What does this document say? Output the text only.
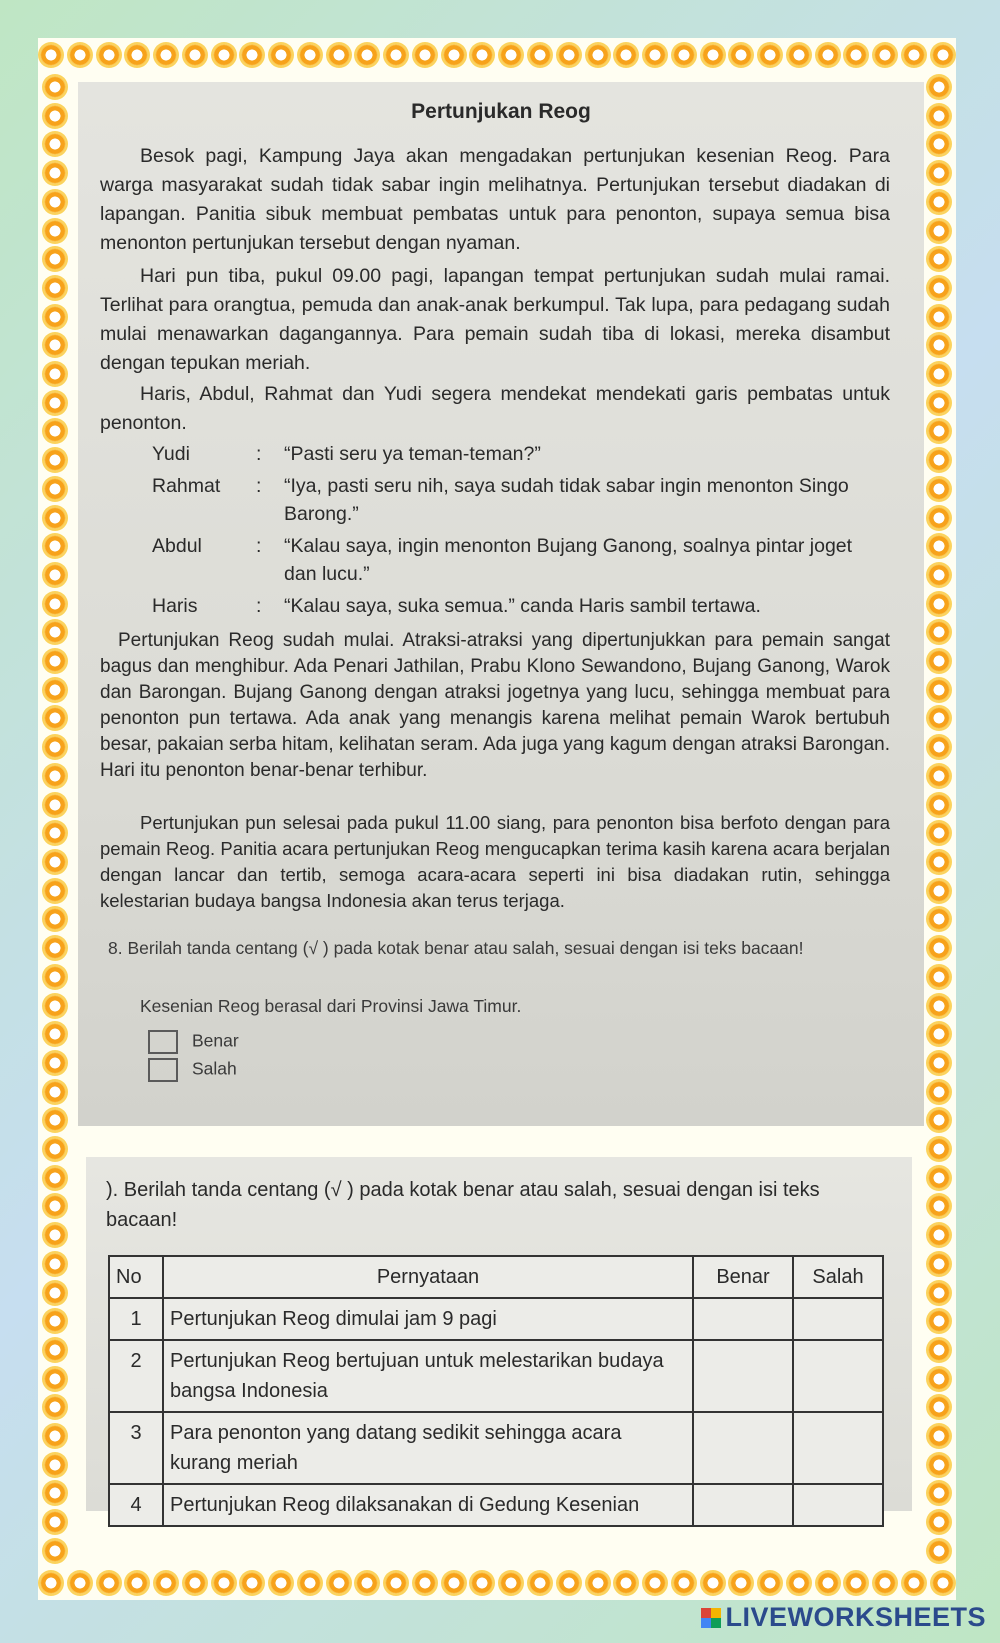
Pertunjukan Reog
Besok pagi, Kampung Jaya akan mengadakan pertunjukan kesenian Reog. Para warga masyarakat sudah tidak sabar ingin melihatnya. Pertunjukan tersebut diadakan di lapangan. Panitia sibuk membuat pembatas untuk para penonton, supaya semua bisa menonton pertunjukan tersebut dengan nyaman.
Hari pun tiba, pukul 09.00 pagi, lapangan tempat pertunjukan sudah mulai ramai. Terlihat para orangtua, pemuda dan anak-anak berkumpul. Tak lupa, para pedagang sudah mulai menawarkan dagangannya. Para pemain sudah tiba di lokasi, mereka disambut dengan tepukan meriah.
Haris, Abdul, Rahmat dan Yudi segera mendekat mendekati garis pembatas untuk penonton.
Yudi	: “Pasti seru ya teman-teman?”
Rahmat : “Iya, pasti seru nih, saya sudah tidak sabar ingin menonton Singo Barong.”
Abdul	: “Kalau saya, ingin menonton Bujang Ganong, soalnya pintar joget dan lucu.”
Haris	: “Kalau saya, suka semua.” canda Haris sambil tertawa.
Pertunjukan Reog sudah mulai. Atraksi-atraksi yang dipertunjukkan para pemain sangat bagus dan menghibur. Ada Penari Jathilan, Prabu Klono Sewandono, Bujang Ganong, Warok dan Barongan. Bujang Ganong dengan atraksi jogetnya yang lucu, sehingga membuat para penonton pun tertawa. Ada anak yang menangis karena melihat pemain Warok bertubuh besar, pakaian serba hitam, kelihatan seram. Ada juga yang kagum dengan atraksi Barongan. Hari itu penonton benar-benar terhibur.
Pertunjukan pun selesai pada pukul 11.00 siang, para penonton bisa berfoto dengan para pemain Reog. Panitia acara pertunjukan Reog mengucapkan terima kasih karena acara berjalan dengan lancar dan tertib, semoga acara-acara seperti ini bisa diadakan rutin, sehingga kelestarian budaya bangsa Indonesia akan terus terjaga.
8. Berilah tanda centang (√ ) pada kotak benar atau salah, sesuai dengan isi teks bacaan!
Kesenian Reog berasal dari Provinsi Jawa Timur.
Benar
Salah
). Berilah tanda centang (√ ) pada kotak benar atau salah, sesuai dengan isi teks bacaan!
No	Pernyataan	Benar	Salah
1	Pertunjukan Reog dimulai jam 9 pagi		
2	Pertunjukan Reog bertujuan untuk melestarikan budaya bangsa Indonesia		
3	Para penonton yang datang sedikit sehingga acara kurang meriah		
4	Pertunjukan Reog dilaksanakan di Gedung Kesenian		
LIVEWORKSHEETS
